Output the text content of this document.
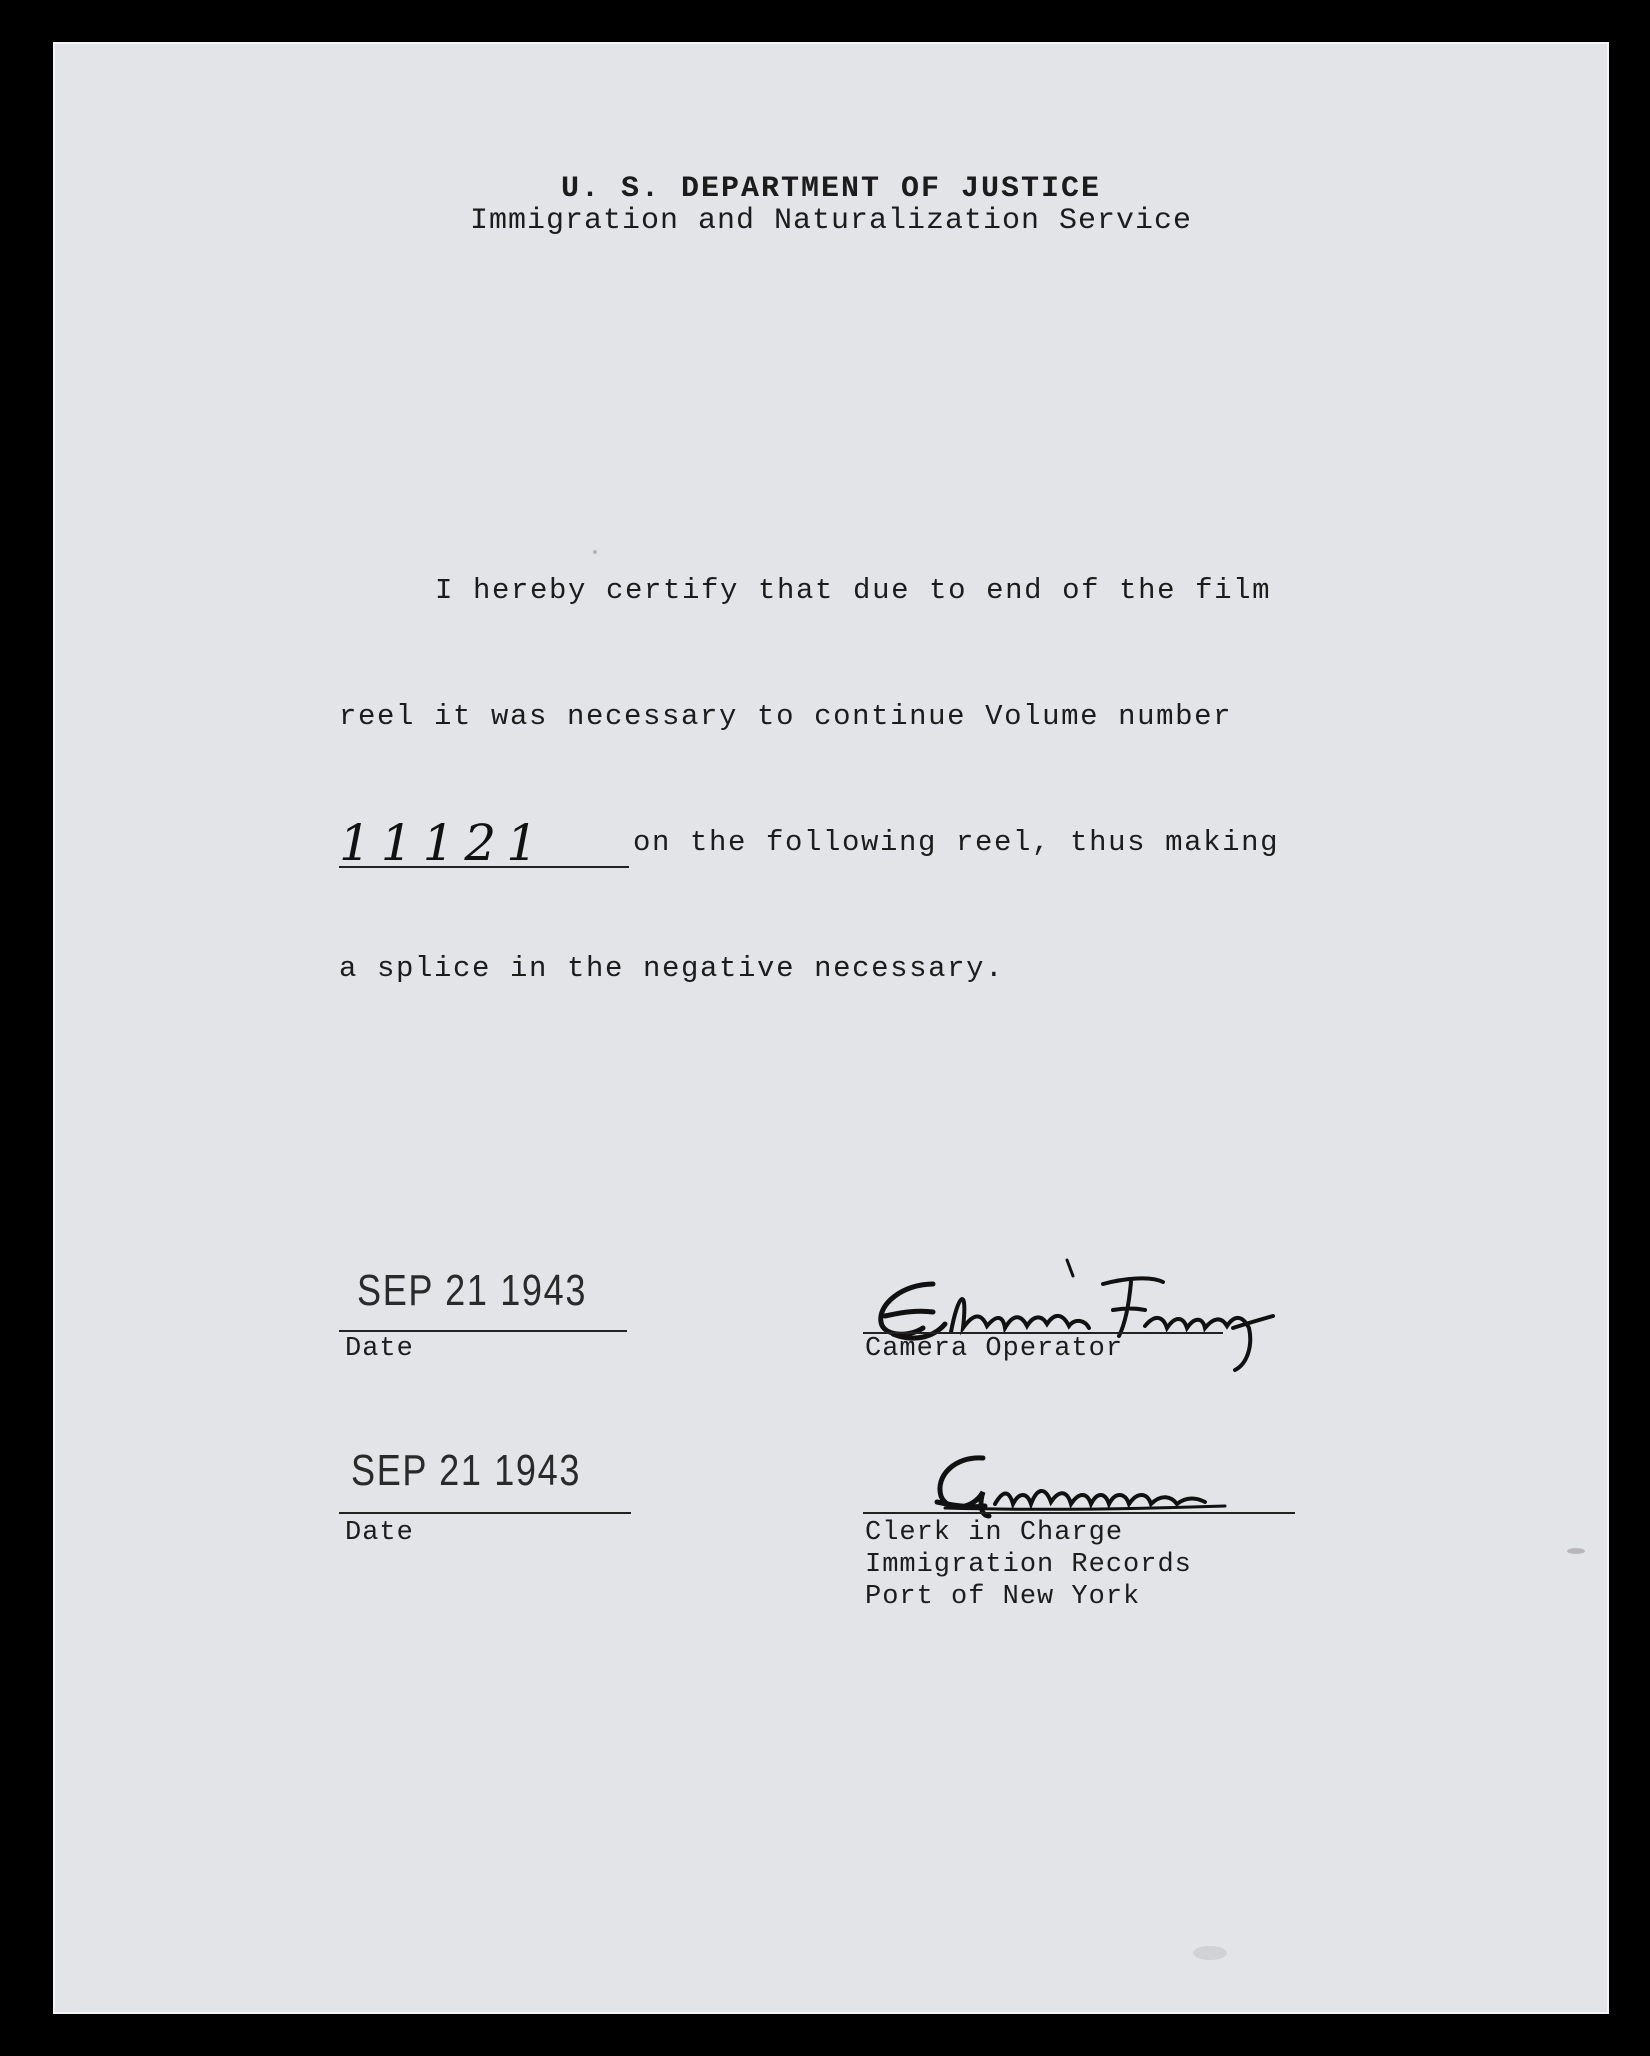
U. S. DEPARTMENT OF JUSTICE
Immigration and Naturalization Service
I hereby certify that due to end of the film
reel it was necessary to continue Volume number
11121	on the following reel, thus making
a splice in the negative necessary.
SEP 21 1943
Date	Camera Operator
SEP 21 1943
Date	Clerk in Charge
Immigration Records
Port of New York
